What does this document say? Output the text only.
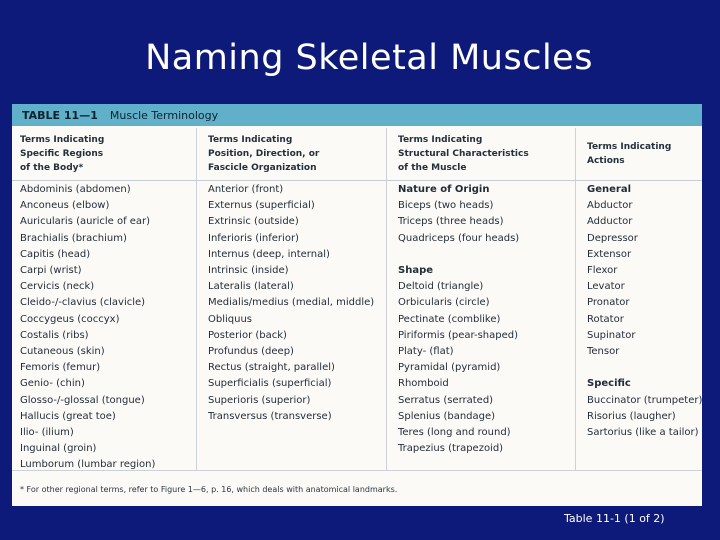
Naming Skeletal Muscles
TABLE 11—1 Muscle Terminology
Terms Indicating
Specific Regions
of the Body*
Terms Indicating
Position, Direction, or
Fascicle Organization
Terms Indicating
Structural Characteristics
of the Muscle
Terms Indicating
Actions
Abdominis (abdomen)
Anconeus (elbow)
Auricularis (auricle of ear)
Brachialis (brachium)
Capitis (head)
Carpi (wrist)
Cervicis (neck)
Cleido-/-clavius (clavicle)
Coccygeus (coccyx)
Costalis (ribs)
Cutaneous (skin)
Femoris (femur)
Genio- (chin)
Glosso-/-glossal (tongue)
Hallucis (great toe)
Ilio- (ilium)
Inguinal (groin)
Lumborum (lumbar region)
Anterior (front)
Externus (superficial)
Extrinsic (outside)
Inferioris (inferior)
Internus (deep, internal)
Intrinsic (inside)
Lateralis (lateral)
Medialis/medius (medial, middle)
Obliquus
Posterior (back)
Profundus (deep)
Rectus (straight, parallel)
Superficialis (superficial)
Superioris (superior)
Transversus (transverse)
Nature of Origin
Biceps (two heads)
Triceps (three heads)
Quadriceps (four heads)
Shape
Deltoid (triangle)
Orbicularis (circle)
Pectinate (comblike)
Piriformis (pear-shaped)
Platy- (flat)
Pyramidal (pyramid)
Rhomboid
Serratus (serrated)
Splenius (bandage)
Teres (long and round)
Trapezius (trapezoid)
General
Abductor
Adductor
Depressor
Extensor
Flexor
Levator
Pronator
Rotator
Supinator
Tensor
Specific
Buccinator (trumpeter)
Risorius (laugher)
Sartorius (like a tailor)
* For other regional terms, refer to Figure 1—6, p. 16, which deals with anatomical landmarks.
Table 11-1 (1 of 2)
